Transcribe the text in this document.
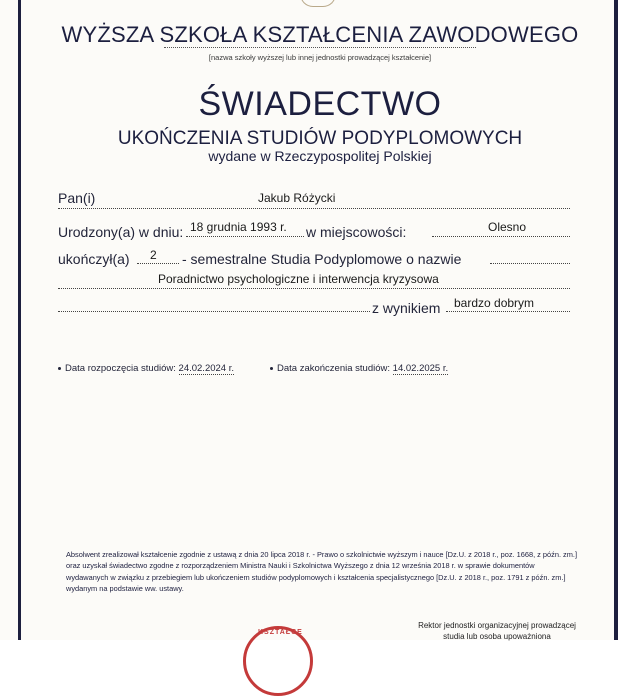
WYŻSZA SZKOŁA KSZTAŁCENIA ZAWODOWEGO
[nazwa szkoły wyższej lub innej jednostki prowadzącej kształcenie]
ŚWIADECTWO
UKOŃCZENIA STUDIÓW PODYPLOMOWYCH
wydane w Rzeczypospolitej Polskiej
Pan(i)	Jakub Różycki
Urodzony(a) w dniu: 18 grudnia 1993 r. w miejscowości:	Olesno
ukończył(a) 2 - semestralne Studia Podyplomowe o nazwie
Poradnictwo psychologiczne i interwencja kryzysowa
z wynikiem bardzo dobrym
Data rozpoczęcia studiów: 24.02.2024 r.	Data zakończenia studiów: 14.02.2025 r.
Absolwent zrealizował kształcenie zgodnie z ustawą z dnia 20 lipca 2018 r. - Prawo o szkolnictwie wyższym i nauce [Dz.U. z 2018 r., poz. 1668, z późn. zm.] oraz uzyskał świadectwo zgodne z rozporządzeniem Ministra Nauki i Szkolnictwa Wyższego z dnia 12 września 2018 r. w sprawie dokumentów wydawanych w związku z przebiegiem lub ukończeniem studiów podyplomowych i kształcenia specjalistycznego [Dz.U. z 2018 r., poz. 1791 z późn. zm.] wydanym na podstawie ww. ustawy.
KSZTAŁCE
Rektor jednostki organizacyjnej prowadzącej
studia lub osoba upoważniona
